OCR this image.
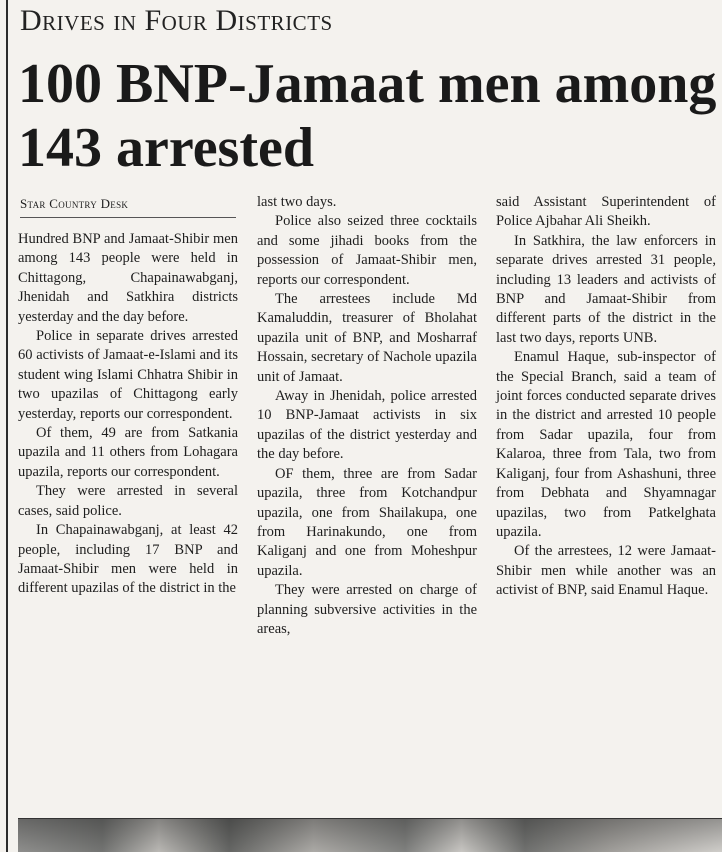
Drives in Four Districts
100 BNP-Jamaat men among 143 arrested
Star Country Desk

Hundred BNP and Jamaat-Shibir men among 143 people were held in Chittagong, Chapainawabganj, Jhenidah and Satkhira districts yesterday and the day before.

Police in separate drives arrested 60 activists of Jamaat-e-Islami and its student wing Islami Chhatra Shibir in two upazilas of Chittagong early yesterday, reports our correspondent.

Of them, 49 are from Satkania upazila and 11 others from Lohagara upazila, reports our correspondent.

They were arrested in several cases, said police.

In Chapainawabganj, at least 42 people, including 17 BNP and Jamaat-Shibir men were held in different upazilas of the district in the

last two days.

Police also seized three cocktails and some jihadi books from the possession of Jamaat-Shibir men, reports our correspondent.

The arrestees include Md Kamaluddin, treasurer of Bholahat upazila unit of BNP, and Mosharraf Hossain, secretary of Nachole upazila unit of Jamaat.

Away in Jhenidah, police arrested 10 BNP-Jamaat activists in six upazilas of the district yesterday and the day before.

OF them, three are from Sadar upazila, three from Kotchandpur upazila, one from Shailakupa, one from Harinakundo, one from Kaliganj and one from Moheshpur upazila.

They were arrested on charge of planning subversive activities in the areas,

said Assistant Superintendent of Police Ajbahar Ali Sheikh.

In Satkhira, the law enforcers in separate drives arrested 31 people, including 13 leaders and activists of BNP and Jamaat-Shibir from different parts of the district in the last two days, reports UNB.

Enamul Haque, sub-inspector of the Special Branch, said a team of joint forces conducted separate drives in the district and arrested 10 people from Sadar upazila, four from Kalaroa, three from Tala, two from Kaliganj, four from Ashashuni, three from Debhata and Shyamnagar upazilas, two from Patkelghata upazila.

Of the arrestees, 12 were Jamaat-Shibir men while another was an activist of BNP, said Enamul Haque.
